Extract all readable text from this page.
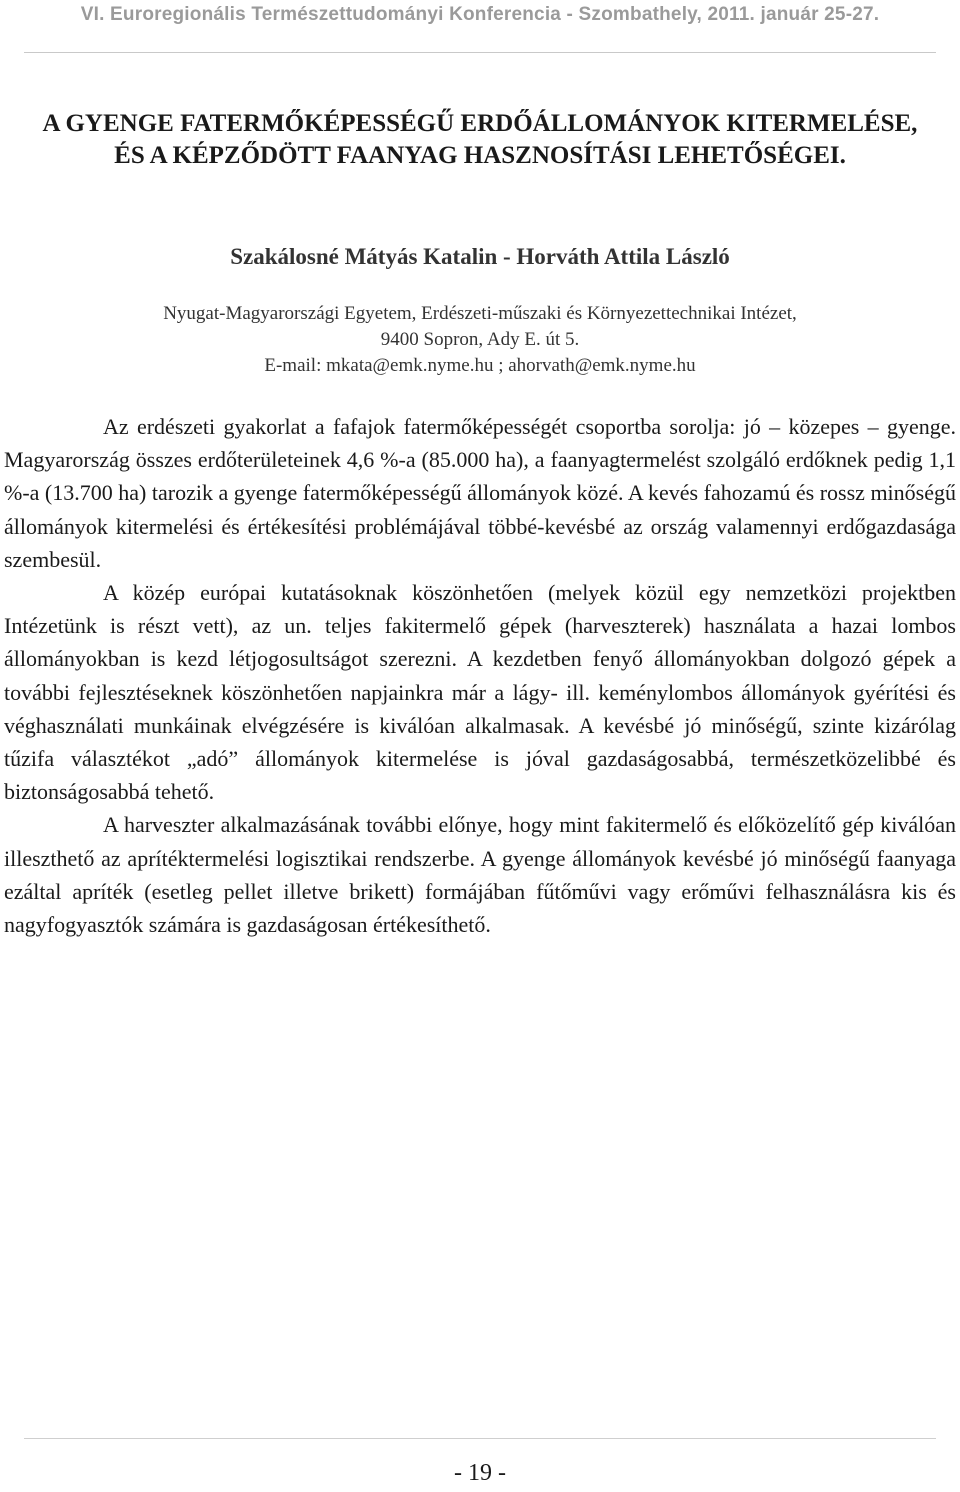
VI. Euroregionális Természettudományi Konferencia - Szombathely, 2011. január 25-27.
A GYENGE FATERMŐKÉPESSÉGŰ ERDŐÁLLOMÁNYOK KITERMELÉSE, ÉS A KÉPZŐDÖTT FAANYAG HASZNOSÍTÁSI LEHETŐSÉGEI.
Szakálosné Mátyás Katalin - Horváth Attila László
Nyugat-Magyarországi Egyetem, Erdészeti-műszaki és Környezettechnikai Intézet,
9400 Sopron, Ady E. út 5.
E-mail: mkata@emk.nyme.hu ; ahorvath@emk.nyme.hu

Az erdészeti gyakorlat a fafajok fatermőképességét csoportba sorolja: jó – közepes – gyenge. Magyarország összes erdőterületeinek 4,6 %-a (85.000 ha), a faanyagtermelést szolgáló erdőknek pedig 1,1 %-a (13.700 ha) tarozik a gyenge fatermőképességű állományok közé. A kevés fahozamú és rossz minőségű állományok kitermelési és értékesítési problémájával többé-kevésbé az ország valamennyi erdőgazdasága szembesül.

A közép európai kutatásoknak köszönhetően (melyek közül egy nemzetközi projektben Intézetünk is részt vett), az un. teljes fakitermelő gépek (harveszterek) használata a hazai lombos állományokban is kezd létjogosultságot szerezni. A kezdetben fenyő állományokban dolgozó gépek a további fejlesztéseknek köszönhetően napjainkra már a lágy- ill. keménylombos állományok gyérítési és véghasználati munkáinak elvégzésére is kiválóan alkalmasak. A kevésbé jó minőségű, szinte kizárólag tűzifa választékot „adó” állományok kitermelése is jóval gazdaságosabbá, természetközelibbé és biztonságosabbá tehető.

A harveszter alkalmazásának további előnye, hogy mint fakitermelő és előközelítő gép kiválóan illeszthető az aprítéktermelési logisztikai rendszerbe. A gyenge állományok kevésbé jó minőségű faanyaga ezáltal apríték (esetleg pellet illetve brikett) formájában fűtőművi vagy erőművi felhasználásra kis és nagyfogyasztók számára is gazdaságosan értékesíthető.

- 19 -
